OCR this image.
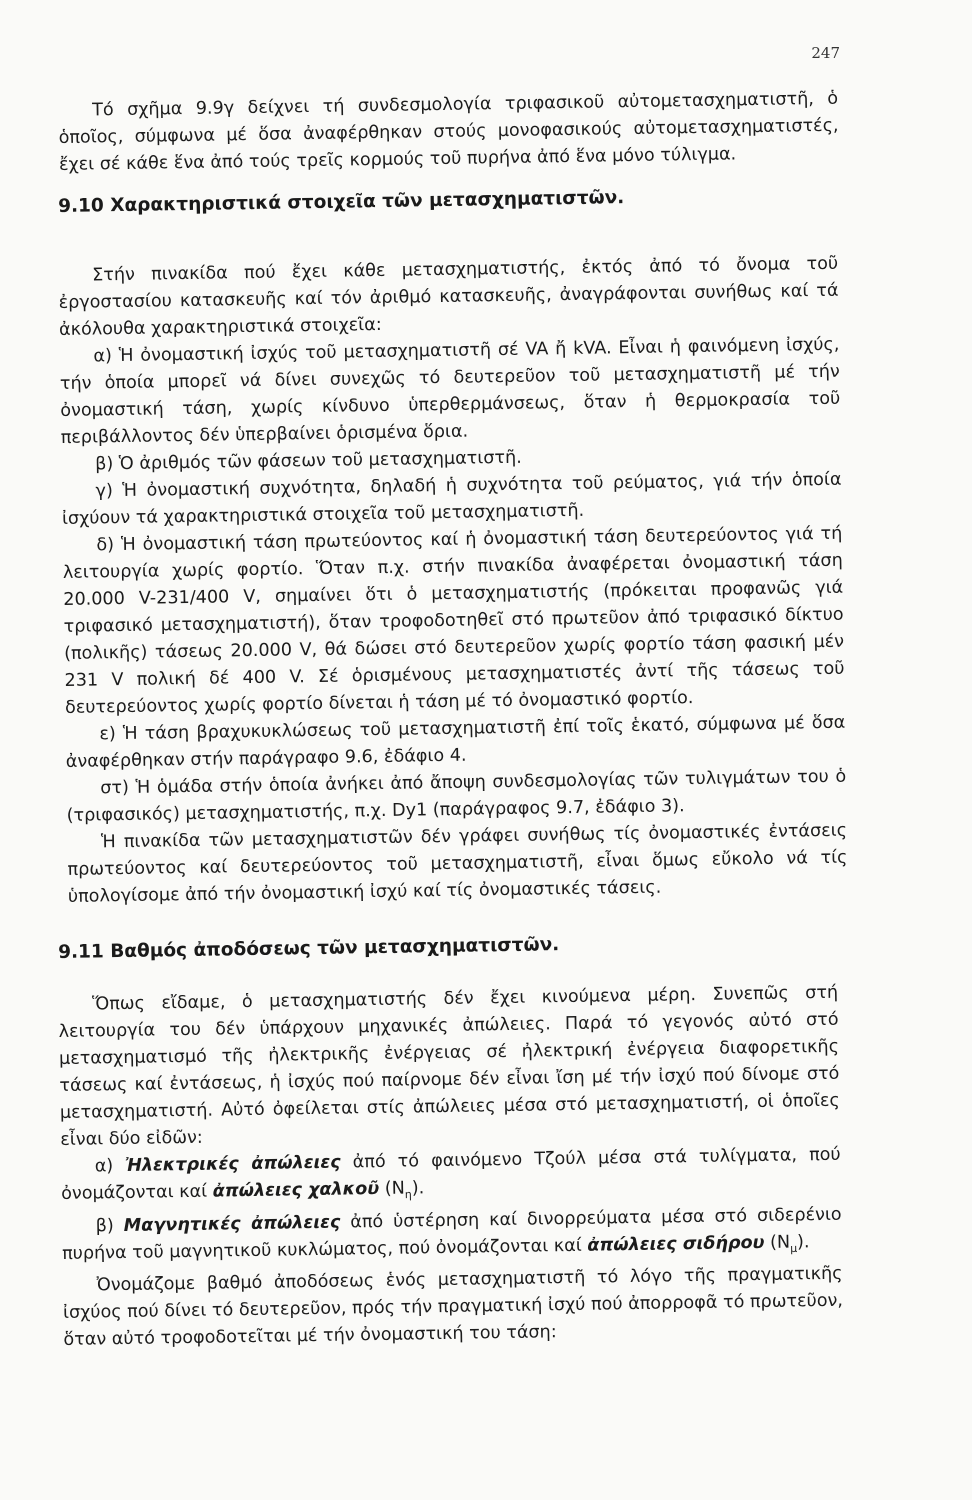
247

Τό σχῆμα 9.9γ δείχνει τή συνδεσμολογία τριφασικοῦ αὐτομετασχηματιστῆ, ὁ ὁποῖος, σύμφωνα μέ ὅσα ἀναφέρθηκαν στούς μονοφασικούς αὐτομετασχηματιστές, ἔχει σέ κάθε ἕνα ἀπό τούς τρεῖς κορμούς τοῦ πυρήνα ἀπό ἕνα μόνο τύλιγμα.

9.10 Χαρακτηριστικά στοιχεῖα τῶν μετασχηματιστῶν.

Στήν πινακίδα πού ἔχει κάθε μετασχηματιστής, ἐκτός ἀπό τό ὄνομα τοῦ ἐργοστασίου κατασκευῆς καί τόν ἀριθμό κατασκευῆς, ἀναγράφονται συνήθως καί τά ἀκόλουθα χαρακτηριστικά στοιχεῖα:

α) Ἡ ὀνομαστική ἰσχύς τοῦ μετασχηματιστῆ σέ VA ἤ kVA. Εἶναι ἡ φαινόμενη ἰσχύς, τήν ὁποία μπορεῖ νά δίνει συνεχῶς τό δευτερεῦον τοῦ μετασχηματιστῆ μέ τήν ὀνομαστική τάση, χωρίς κίνδυνο ὑπερθερμάνσεως, ὅταν ἡ θερμοκρασία τοῦ περιβάλλοντος δέν ὑπερβαίνει ὁρισμένα ὅρια.

β) Ὁ ἀριθμός τῶν φάσεων τοῦ μετασχηματιστῆ.

γ) Ἡ ὀνομαστική συχνότητα, δηλαδή ἡ συχνότητα τοῦ ρεύματος, γιά τήν ὁποία ἰσχύουν τά χαρακτηριστικά στοιχεῖα τοῦ μετασχηματιστῆ.

δ) Ἡ ὀνομαστική τάση πρωτεύοντος καί ἡ ὀνομαστική τάση δευτερεύοντος γιά τή λειτουργία χωρίς φορτίο. Ὅταν π.χ. στήν πινακίδα ἀναφέρεται ὀνομαστική τάση 20.000 V-231/400 V, σημαίνει ὅτι ὁ μετασχηματιστής (πρόκειται προφανῶς γιά τριφασικό μετασχηματιστή), ὅταν τροφοδοτηθεῖ στό πρωτεῦον ἀπό τριφασικό δίκτυο (πολικῆς) τάσεως 20.000 V, θά δώσει στό δευτερεῦον χωρίς φορτίο τάση φασική μέν 231 V πολική δέ 400 V. Σέ ὁρισμένους μετασχηματιστές ἀντί τῆς τάσεως τοῦ δευτερεύοντος χωρίς φορτίο δίνεται ἡ τάση μέ τό ὀνομαστικό φορτίο.

ε) Ἡ τάση βραχυκυκλώσεως τοῦ μετασχηματιστῆ ἐπί τοῖς ἑκατό, σύμφωνα μέ ὅσα ἀναφέρθηκαν στήν παράγραφο 9.6, ἐδάφιο 4.

στ) Ἡ ὁμάδα στήν ὁποία ἀνήκει ἀπό ἄποψη συνδεσμολογίας τῶν τυλιγμάτων του ὁ (τριφασικός) μετασχηματιστής, π.χ. Dy1 (παράγραφος 9.7, ἐδάφιο 3).

Ἡ πινακίδα τῶν μετασχηματιστῶν δέν γράφει συνήθως τίς ὀνομαστικές ἐντάσεις πρωτεύοντος καί δευτερεύοντος τοῦ μετασχηματιστῆ, εἶναι ὅμως εὔκολο νά τίς ὑπολογίσομε ἀπό τήν ὀνομαστική ἰσχύ καί τίς ὀνομαστικές τάσεις.

9.11 Βαθμός ἀποδόσεως τῶν μετασχηματιστῶν.

Ὅπως εἴδαμε, ὁ μετασχηματιστής δέν ἔχει κινούμενα μέρη. Συνεπῶς στή λειτουργία του δέν ὑπάρχουν μηχανικές ἀπώλειες. Παρά τό γεγονός αὐτό στό μετασχηματισμό τῆς ἠλεκτρικῆς ἐνέργειας σέ ἠλεκτρική ἐνέργεια διαφορετικῆς τάσεως καί ἐντάσεως, ἡ ἰσχύς πού παίρνομε δέν εἶναι ἴση μέ τήν ἰσχύ πού δίνομε στό μετασχηματιστή. Αὐτό ὀφείλεται στίς ἀπώλειες μέσα στό μετασχηματιστή, οἱ ὁποῖες εἶναι δύο εἰδῶν:

α) Ἠλεκτρικές ἀπώλειες ἀπό τό φαινόμενο Τζούλ μέσα στά τυλίγματα, πού ὀνομάζονται καί ἀπώλειες χαλκοῦ $(N_\eta)$.

β) Μαγνητικές ἀπώλειες ἀπό ὑστέρηση καί δινορρεύματα μέσα στό σιδερένιο πυρήνα τοῦ μαγνητικοῦ κυκλώματος, πού ὀνομάζονται καί ἀπώλειες σιδήρου $(N_\mu)$.

Ὀνομάζομε βαθμό ἀποδόσεως ἑνός μετασχηματιστῆ τό λόγο τῆς πραγματικῆς ἰσχύος πού δίνει τό δευτερεῦον, πρός τήν πραγματική ἰσχύ πού ἀπορροφᾶ τό πρωτεῦον, ὅταν αὐτό τροφοδοτεῖται μέ τήν ὀνομαστική του τάση:
